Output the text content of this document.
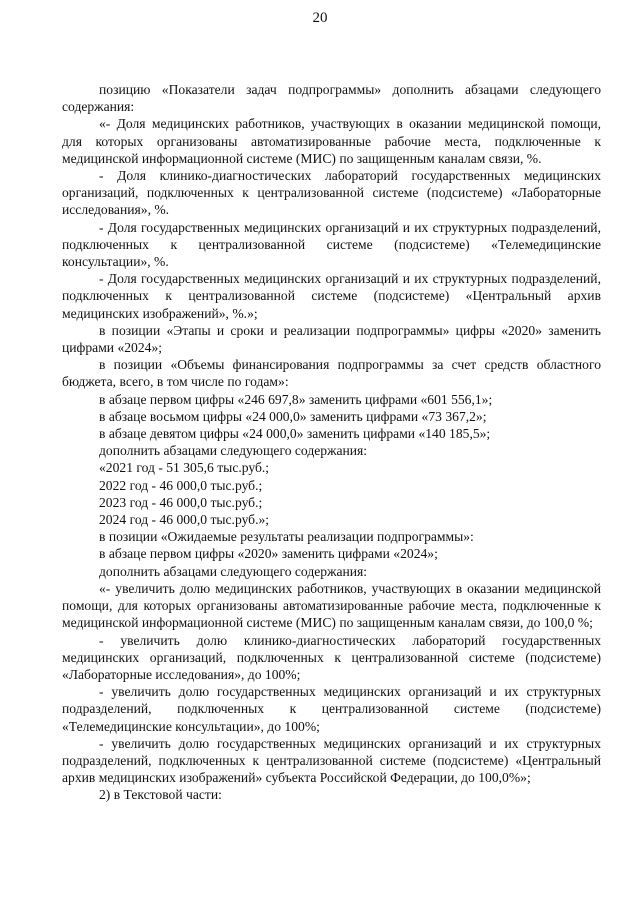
20

позицию «Показатели задач подпрограммы» дополнить абзацами следующего содержания:

«- Доля медицинских работников, участвующих в оказании медицинской помощи, для которых организованы автоматизированные рабочие места, подключенные к медицинской информационной системе (МИС) по защищенным каналам связи, %.

- Доля клинико-диагностических лабораторий государственных медицинских организаций, подключенных к централизованной системе (подсистеме) «Лабораторные исследования», %.

- Доля государственных медицинских организаций и их структурных подразделений, подключенных к централизованной системе (подсистеме) «Телемедицинские консультации», %.

- Доля государственных медицинских организаций и их структурных подразделений, подключенных к централизованной системе (подсистеме) «Центральный архив медицинских изображений», %.»;

в позиции «Этапы и сроки и реализации подпрограммы» цифры «2020» заменить цифрами «2024»;

в позиции «Объемы финансирования подпрограммы за счет средств областного бюджета, всего, в том числе по годам»:

в абзаце первом цифры «246 697,8» заменить цифрами «601 556,1»;

в абзаце восьмом цифры «24 000,0» заменить цифрами «73 367,2»;

в абзаце девятом цифры «24 000,0» заменить цифрами «140 185,5»;

дополнить абзацами следующего содержания:

«2021 год - 51 305,6 тыс.руб.;

2022 год - 46 000,0 тыс.руб.;

2023 год - 46 000,0 тыс.руб.;

2024 год - 46 000,0 тыс.руб.»;

в позиции «Ожидаемые результаты реализации подпрограммы»:

в абзаце первом цифры «2020» заменить цифрами «2024»;

дополнить абзацами следующего содержания:

«- увеличить долю медицинских работников, участвующих в оказании медицинской помощи, для которых организованы автоматизированные рабочие места, подключенные к медицинской информационной системе (МИС) по защищенным каналам связи, до 100,0 %;

- увеличить долю клинико-диагностических лабораторий государственных медицинских организаций, подключенных к централизованной системе (подсистеме) «Лабораторные исследования», до 100%;

- увеличить долю государственных медицинских организаций и их структурных подразделений, подключенных к централизованной системе (подсистеме) «Телемедицинские консультации», до 100%;

- увеличить долю государственных медицинских организаций и их структурных подразделений, подключенных к централизованной системе (подсистеме) «Центральный архив медицинских изображений» субъекта Российской Федерации, до 100,0%»;

2) в Текстовой части:
